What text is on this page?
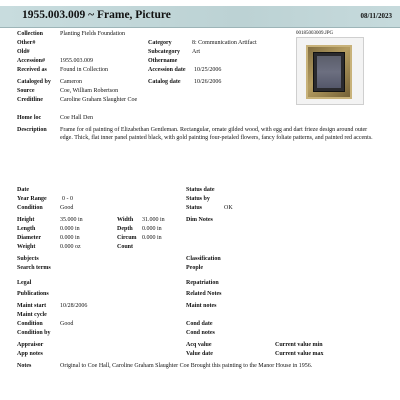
1955.003.009 ~ Frame, Picture	08/11/2023
00185003009.JPG
Collection	Planting Fields Foundation
Other#
Old#
Accession#	1955.003.009
Received as Found in Collection
Cataloged by Cameron
Source	Coe, William Robertson
Creditline	Caroline Graham Slaughter Coe
Category	8: Communication Artifact
Subcategory Art
Othername
Accession date 10/25/2006
Catalog date 10/26/2006
Home loc	Coe Hall Den
Description Frame for oil painting of Elizabethan Gentleman. Rectangular, ornate gilded wood, with egg and dart frieze design around outer edge. Thick, flat inner panel painted black, with gold painting four-petaled flowers, fancy foliate patterns, and painted red accents.
Date
Year Range	0 - 0
Condition	Good
Status date
Status by
Status	OK
Height	35.000 in
Length	0.000 in
Diameter	0.000 in
Weight	0.000 oz
Width 31.000 in
Depth 0.000 in
Circum 0.000 in
Count
Dim Notes
Subjects
Search terms
Classification
People
Legal
Publications
Repatriation
Related Notes
Maint start 10/28/2006
Maint cycle
Condition	Good
Condition by
Maint notes
Cond date
Cond notes
Appraisor
App notes
Acq value
Value date
Current value min
Current value max
Notes	Original to Coe Hall, Caroline Graham Slaughter Coe Brought this painting to the Manor House in 1956.
